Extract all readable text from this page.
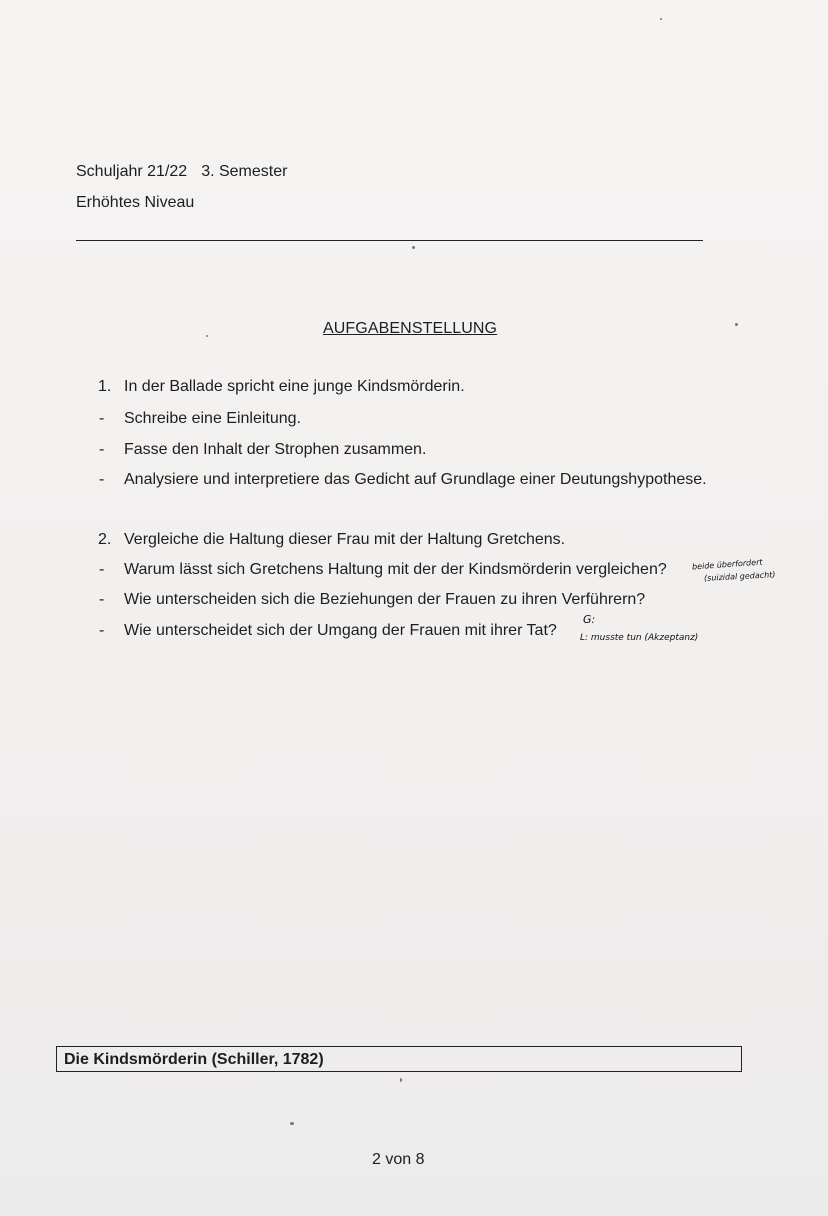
Schuljahr 21/22 3. Semester
Erhöhtes Niveau
AUFGABENSTELLUNG
1. In der Ballade spricht eine junge Kindsmörderin.
- Schreibe eine Einleitung.
- Fasse den Inhalt der Strophen zusammen.
- Analysiere und interpretiere das Gedicht auf Grundlage einer Deutungshypothese.
2. Vergleiche die Haltung dieser Frau mit der Haltung Gretchens.
- Warum lässt sich Gretchens Haltung mit der der Kindsmörderin vergleichen?
- Wie unterscheiden sich die Beziehungen der Frauen zu ihren Verführern?
- Wie unterscheidet sich der Umgang der Frauen mit ihrer Tat?
beide überfordert
(suizidal gedacht)
G:
L: musste tun (Akzeptanz)
Die Kindsmörderin (Schiller, 1782)
2 von 8
